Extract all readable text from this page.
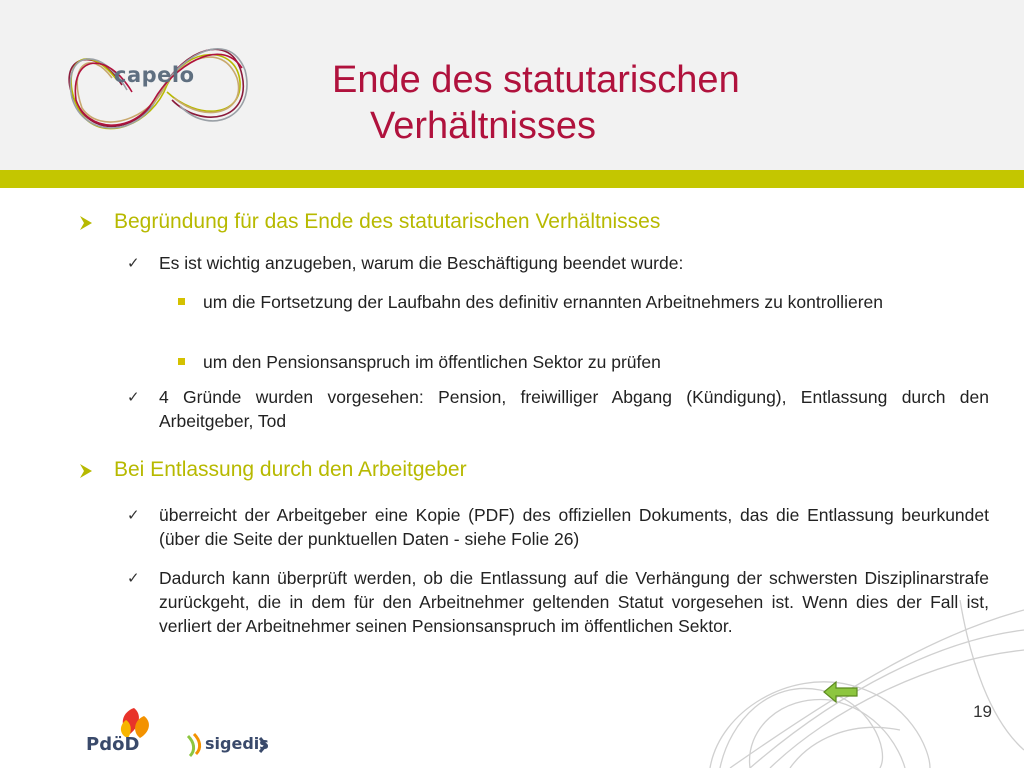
capelo	Ende des statutarischen
Verhältnisses
Begründung für das Ende des statutarischen Verhältnisses
✓ Es ist wichtig anzugeben, warum die Beschäftigung beendet wurde:
um die Fortsetzung der Laufbahn des definitiv ernannten Arbeitnehmers zu kontrollieren
um den Pensionsanspruch im öffentlichen Sektor zu prüfen
✓ 4 Gründe wurden vorgesehen: Pension, freiwilliger Abgang (Kündigung), Entlassung durch den Arbeitgeber, Tod
Bei Entlassung durch den Arbeitgeber
✓ überreicht der Arbeitgeber eine Kopie (PDF) des offiziellen Dokuments, das die Entlassung beurkundet (über die Seite der punktuellen Daten - siehe Folie 26)
✓ Dadurch kann überprüft werden, ob die Entlassung auf die Verhängung der schwersten Disziplinarstrafe zurückgeht, die in dem für den Arbeitnehmer geltenden Statut vorgesehen ist. Wenn dies der Fall ist, verliert der Arbeitnehmer seinen Pensionsanspruch im öffentlichen Sektor.
19
PdöD	sigedis
